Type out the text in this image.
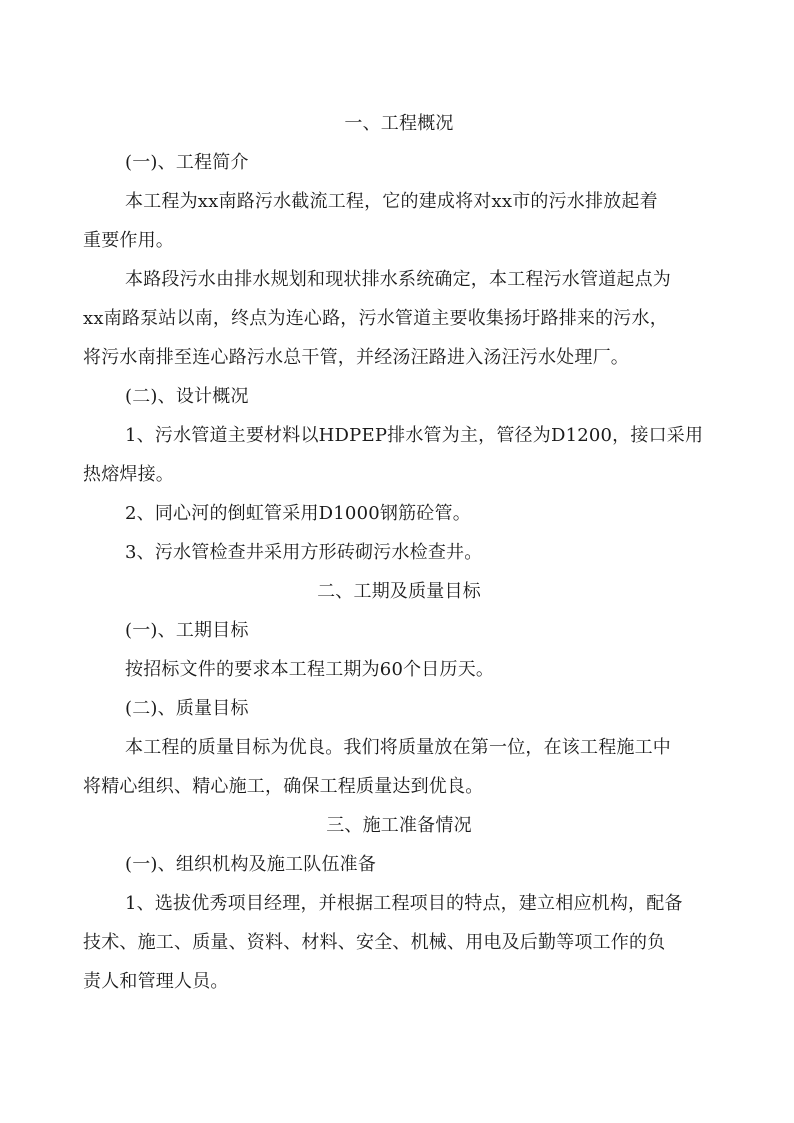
一、工程概况
(一)、工程简介
本工程为xx南路污水截流工程，它的建成将对xx市的污水排放起着
重要作用。
本路段污水由排水规划和现状排水系统确定，本工程污水管道起点为
xx南路泵站以南，终点为连心路，污水管道主要收集扬圩路排来的污水，
将污水南排至连心路污水总干管，并经汤汪路进入汤汪污水处理厂。
(二)、设计概况
1、污水管道主要材料以HDPEP排水管为主，管径为D1200，接口采用
热熔焊接。
2、同心河的倒虹管采用D1000钢筋砼管。
3、污水管检查井采用方形砖砌污水检查井。
二、工期及质量目标
(一)、工期目标
按招标文件的要求本工程工期为60个日历天。
(二)、质量目标
本工程的质量目标为优良。我们将质量放在第一位，在该工程施工中
将精心组织、精心施工，确保工程质量达到优良。
三、施工准备情况
(一)、组织机构及施工队伍准备
1、选拔优秀项目经理，并根据工程项目的特点，建立相应机构，配备
技术、施工、质量、资料、材料、安全、机械、用电及后勤等项工作的负
责人和管理人员。
